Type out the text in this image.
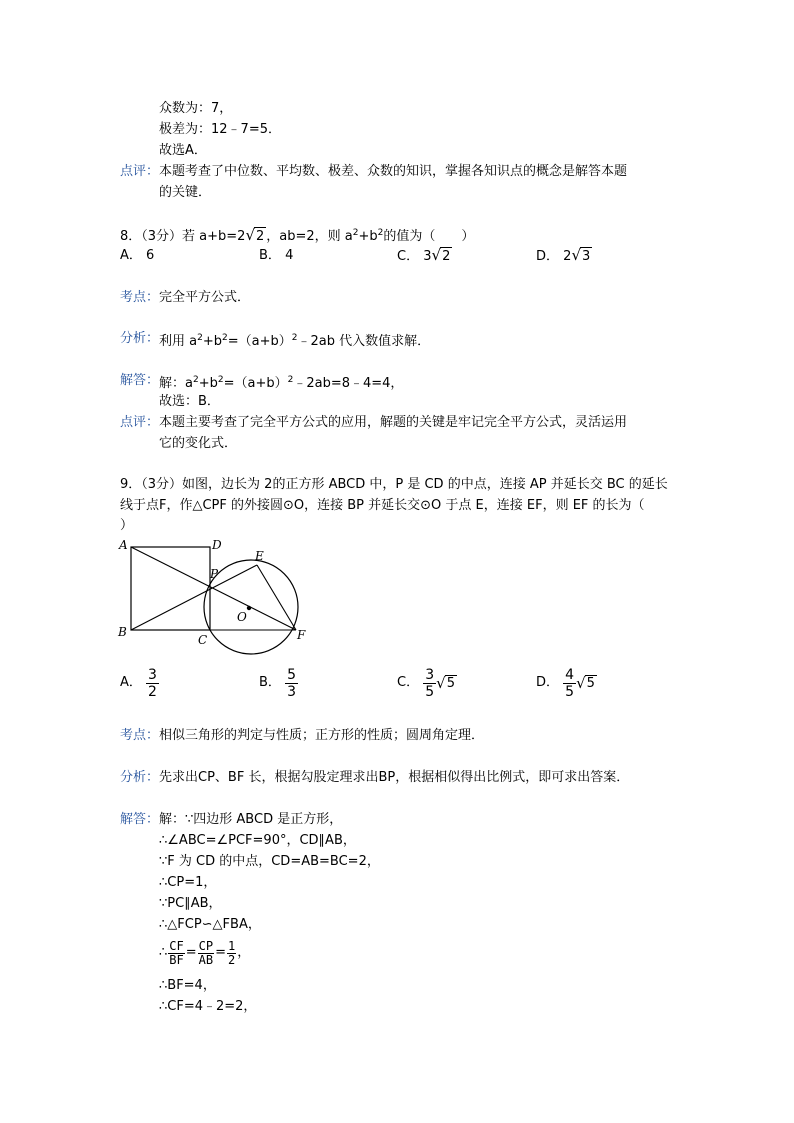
众数为：7，
极差为：12﹣7=5．
故选A．
点评： 本题考查了中位数、平均数、极差、众数的知识，掌握各知识点的概念是解答本题
的关键．
8．（3分）若 a+b=2√2 ，ab=2，则 $a^2+b^2$的值为（　　）
A． 6	B． 4	C． 3√2	D． 2√3
考点： 完全平方公式．
分析： 利用 $a^2+b^2=(a+b)^2﹣2ab$ 代入数值求解．
解答： 解：$a^2+b^2=(a+b)^2﹣2ab=8﹣4=4$，
故选：B．
点评： 本题主要考查了完全平方公式的应用，解题的关键是牢记完全平方公式，灵活运用
它的变化式．
9．（3分）如图，边长为 2的正方形 ABCD 中，P 是 CD 的中点，连接 AP 并延长交 BC 的延长
线于点F，作△CPF 的外接圆⊙O，连接 BP 并延长交⊙O 于点 E，连接 EF，则 EF 的长为（
）
A	D
E
P
O
B
C	F
A． $\frac{3}{2}$	B． $\frac{5}{3}$	C． $\frac{3}{5} √5$	D． $\frac{4}{5} √5$
考点： 相似三角形的判定与性质；正方形的性质；圆周角定理．
分析： 先求出CP、BF 长，根据勾股定理求出BP，根据相似得出比例式，即可求出答案．
解答： 解：∵四边形 ABCD 是正方形，
∴∠ABC=∠PCF=90°，CD∥AB，
∵F 为 CD 的中点，CD=AB=BC=2，
∴CP=1，
∵PC∥AB，
∴△FCP∽△FBA，
∴ $\frac{CF}{BF} = \frac{CP}{AB} = \frac{1}{2}$ ，
∴BF=4，
∴CF=4﹣2=2，
